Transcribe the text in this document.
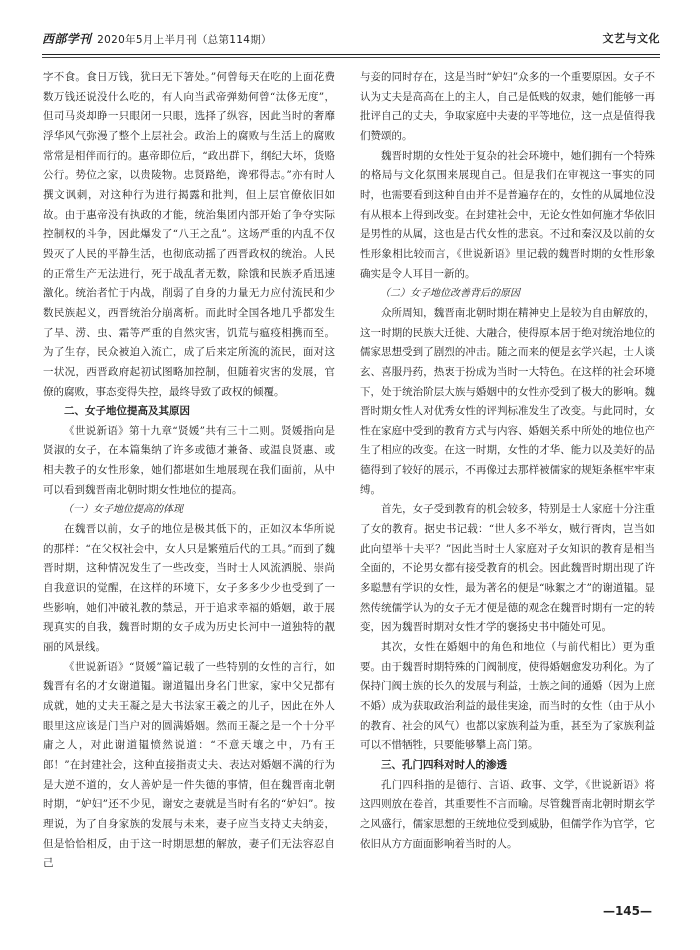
西部学刊 2020年5月上半月刊（总第114期）	文艺与文化

字不食。食日万钱，犹曰无下箸处。”何曾每天在吃的上面花费数万钱还说没什么吃的，有人向当武帝弹劾何曾“汰侈无度”，但司马炎却睁一只眼闭一只眼，选择了纵容，因此当时的奢靡浮华风气弥漫了整个上层社会。政治上的腐败与生活上的腐败常常是相伴而行的。惠帝即位后，“政出群下，纲纪大坏，货赂公行。势位之家，以贵陵物。忠贤路绝，谗邪得志。”亦有时人撰文讽刺，对这种行为进行揭露和批判，但上层官僚依旧如故。由于惠帝没有执政的才能，统治集团内部开始了争夺实际控制权的斗争，因此爆发了“八王之乱”。这场严重的内乱不仅毁灭了人民的平静生活，也彻底动摇了西晋政权的统治。人民的正常生产无法进行，死于战乱者无数，除饿和民族矛盾迅速激化。统治者忙于内战，削弱了自身的力量无力应付流民和少数民族起义，西晋统治分崩离析。而此时全国各地几乎都发生了旱、涝、虫、霜等严重的自然灾害，饥荒与瘟疫相携而至。为了生存，民众被迫入流亡，成了后来定所流的流民，面对这一状况，西晋政府起初试图略加控制，但随着灾害的发展，官僚的腐败，事态变得失控，最终导致了政权的倾覆。

二、女子地位提高及其原因

《世说新语》第十九章“贤媛”共有三十二则。贤媛指向是贤淑的女子，在本篇集纳了许多或德才兼备、或温良贤惠、或相夫教子的女性形象，她们都堪如生地展现在我们面前，从中可以看到魏晋南北朝时期女性地位的提高。

（一）女子地位提高的体现

在魏晋以前，女子的地位是极其低下的，正如汉本华所说的那样：“在父权社会中，女人只是繁殖后代的工具。”而到了魏晋时期，这种情况发生了一些改变，当时士人风流洒脱、崇尚自我意识的觉醒，在这样的环境下，女子多多少少也受到了一些影响，她们冲破礼教的禁忌，开于追求幸福的婚姻，敢于展现真实的自我，魏晋时期的女子成为历史长河中一道独特的靓丽的风景线。

《世说新语》“贤媛”篇记载了一些特别的女性的言行，如魏晋有名的才女谢道韫。谢道韫出身名门世家，家中父兄都有成就，她的丈夫王凝之是大书法家王羲之的儿子，因此在外人眼里这应该是门当户对的圆满婚姻。然而王凝之是一个十分平庸之人，对此谢道韫愤然说道：“不意天壤之中，乃有王郎！”在封建社会，这种直接指责丈夫、表达对婚姻不满的行为是大逆不道的，女人善妒是一件失德的事情，但在魏晋南北朝时期，“妒妇”还不少见，谢安之妻就是当时有名的“妒妇”。按理说，为了自身家族的发展与未来，妻子应当支持丈夫纳妾，但是恰恰相反，由于这一时期思想的解放，妻子们无法容忍自己

与妾的同时存在，这是当时“妒妇”众多的一个重要原因。女子不认为丈夫是高高在上的主人，自己是低贱的奴隶，她们能够一再批评自己的丈夫，争取家庭中夫妻的平等地位，这一点是值得我们赞颂的。

魏晋时期的女性处于复杂的社会环境中，她们拥有一个特殊的格局与文化氛围来展现自己。但是我们在审视这一事实的同时，也需要看到这种自由并不是普遍存在的，女性的从属地位没有从根本上得到改变。在封建社会中，无论女性如何施才华依旧是男性的从属，这也是古代女性的悲哀。不过和秦汉及以前的女性形象相比较而言，《世说新语》里记载的魏晋时期的女性形象确实是令人耳目一新的。

（二）女子地位改善背后的原因

众所周知，魏晋南北朝时期在精神史上是较为自由解放的，这一时期的民族大迁徙、大融合，使得原本居于绝对统治地位的儒家思想受到了剧烈的冲击。随之而来的便是玄学兴起，士人谈玄、喜服丹药，热衷于扮成为当时一大特色。在这样的社会环境下，处于统治阶层大族与婚姻中的女性亦受到了极大的影响。魏晋时期女性人对优秀女性的评判标准发生了改变。与此同时，女性在家庭中受到的教育方式与内容、婚姻关系中所处的地位也产生了相应的改变。在这一时期，女性的才华、能力以及美好的品德得到了较好的展示，不再像过去那样被儒家的规矩条框牢牢束缚。

首先，女子受到教育的机会较多，特别是士人家庭十分注重了女的教育。据史书记载：“世人多不举女，贼行胥肉，岂当如此向望举十夫平？”因此当时士人家庭对子女知识的教育是相当全面的，不论男女都有接受教育的机会。因此魏晋时期出现了许多聪慧有学识的女性，最为著名的便是“咏絮之才”的谢道韫。显然传统儒学认为的女子无才便是德的观念在魏晋时期有一定的转变，因为魏晋时期对女性才学的褒扬史书中随处可见。

其次，女性在婚姻中的角色和地位（与前代相比）更为重要。由于魏晋时期特殊的门阀制度，使得婚姻愈发功利化。为了保持门阀士族的长久的发展与利益，士族之间的通婚（因为上庶不婚）成为获取政治利益的最佳実途，而当时的女性（由于从小的教育、社会的风气）也都以家族利益为重，甚至为了家族利益可以不惜牺牲，只要能够攀上高门第。

三、孔门四科对时人的渗透

孔门四科指的是德行、言语、政事、文学，《世说新语》将这四则放在卷首，其重要性不言而喻。尽管魏晋南北朝时期玄学之风盛行，儒家思想的王统地位受到威胁，但儒学作为官学，它依旧从方方面面影响着当时的人。

—145—
